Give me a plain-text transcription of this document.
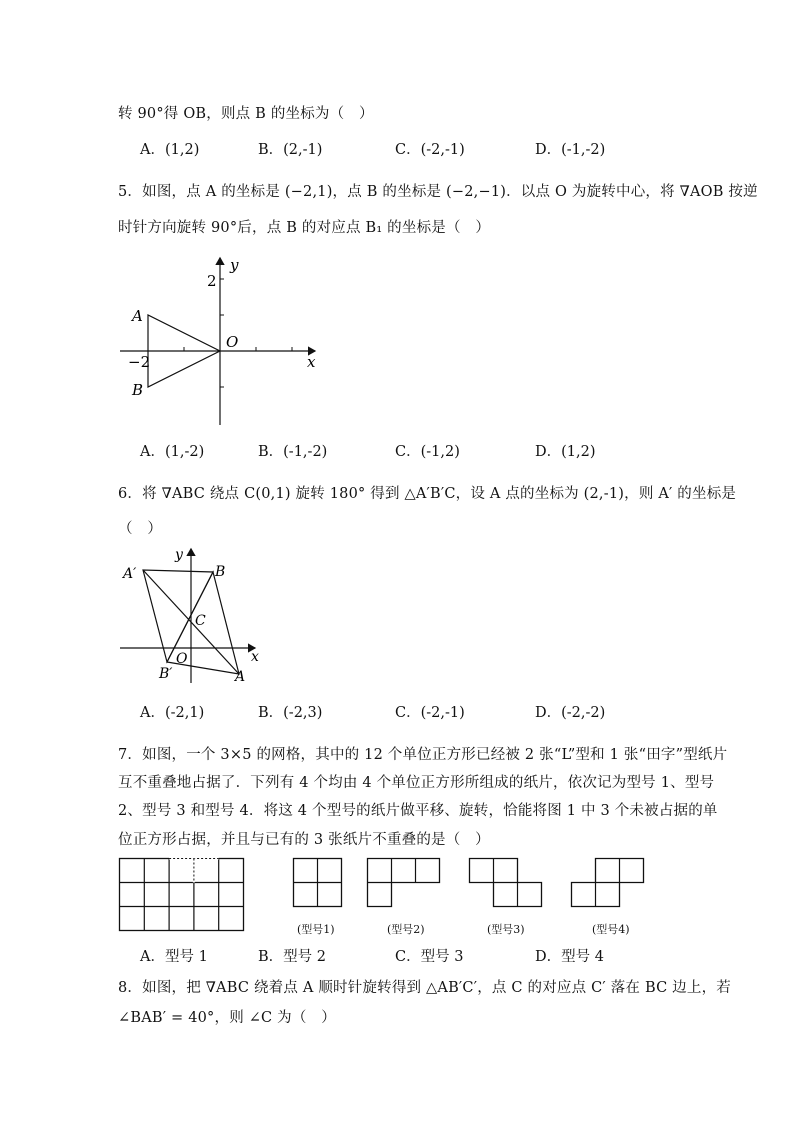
转 90°得 OB，则点 B 的坐标为（　）
A．(1,2)	B．(2,-1)	C．(-2,-1)	D．(-1,-2)
5．如图，点 A 的坐标是 (−2,1)，点 B 的坐标是 (−2,−1)．以点 O 为旋转中心，将 ∇AOB 按逆
时针方向旋转 90°后，点 B 的对应点 B₁ 的坐标是（　）
y
2
A
O
−2	x
B
A．(1,-2)	B．(-1,-2)	C．(-1,2)	D．(1,2)
6．将 ∇ABC 绕点 C(0,1) 旋转 180° 得到 △A′B′C，设 A 点的坐标为 (2,-1)，则 A′ 的坐标是
（　）
y
A′	B
C
O	x
B′	A
A．(-2,1)	B．(-2,3)	C．(-2,-1)	D．(-2,-2)
7．如图，一个 3×5 的网格，其中的 12 个单位正方形已经被 2 张“L”型和 1 张“田字”型纸片
互不重叠地占据了．下列有 4 个均由 4 个单位正方形所组成的纸片，依次记为型号 1、型号
2、型号 3 和型号 4．将这 4 个型号的纸片做平移、旋转，恰能将图 1 中 3 个未被占据的单
位正方形占据，并且与已有的 3 张纸片不重叠的是（　）
(型号1)	(型号2)	(型号3)	(型号4)
A．型号 1	B．型号 2	C．型号 3	D．型号 4
8．如图，把 ∇ABC 绕着点 A 顺时针旋转得到 △AB′C′，点 C 的对应点 C′ 落在 BC 边上，若
∠BAB′ = 40°，则 ∠C 为（　）
